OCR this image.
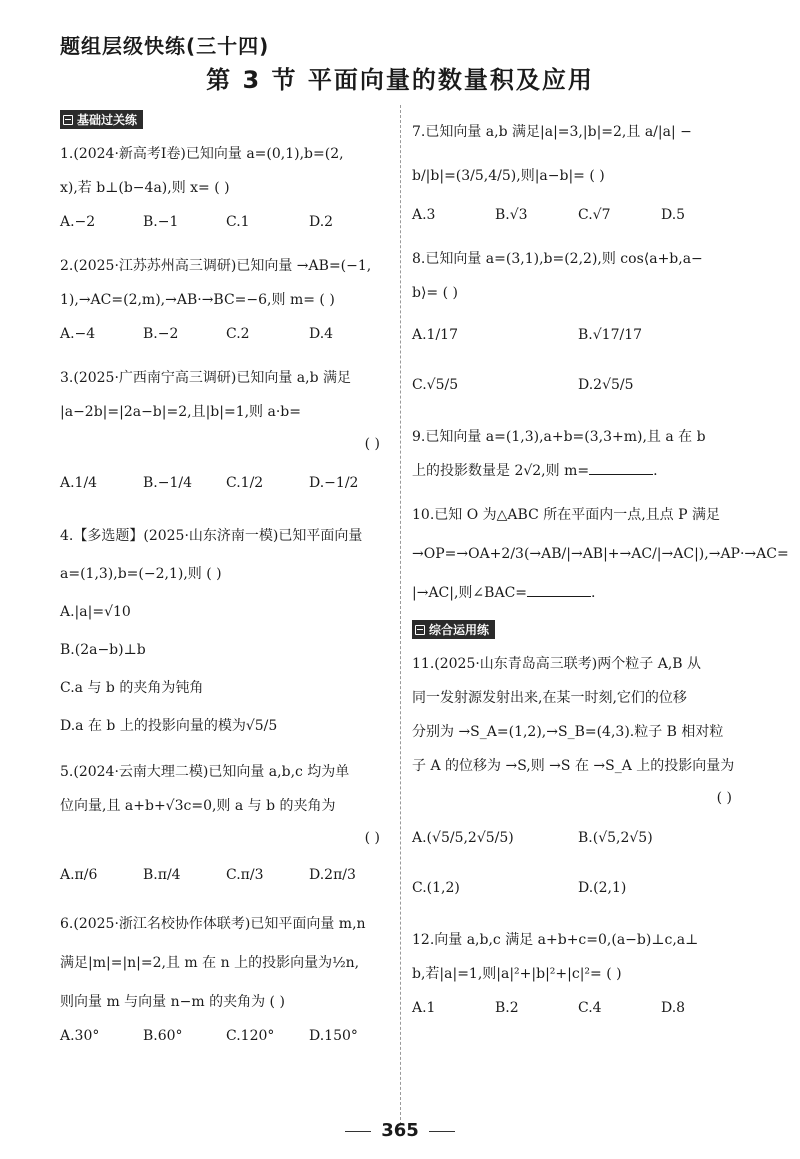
题组层级快练(三十四)
第 3 节 平面向量的数量积及应用
基础过关练
1.(2024·新高考Ⅰ卷)已知向量 a=(0,1),b=(2,
x),若 b⊥(b−4a),则 x= ( )
A.−2	B.−1	C.1	D.2
2.(2025·江苏苏州高三调研)已知向量 →AB=(−1,
1),→AC=(2,m),→AB·→BC=−6,则 m= ( )
A.−4	B.−2	C.2	D.4
3.(2025·广西南宁高三调研)已知向量 a,b 满足
|a−2b|=|2a−b|=2,且|b|=1,则 a·b=
( )
A.1/4	B.−1/4	C.1/2	D.−1/2
4.【多选题】(2025·山东济南一模)已知平面向量
a=(1,3),b=(−2,1),则 ( )
A.|a|=√10
B.(2a−b)⊥b
C.a 与 b 的夹角为钝角
D.a 在 b 上的投影向量的模为√5/5
5.(2024·云南大理二模)已知向量 a,b,c 均为单
位向量,且 a+b+√3c=0,则 a 与 b 的夹角为
( )
A.π/6	B.π/4	C.π/3	D.2π/3
6.(2025·浙江名校协作体联考)已知平面向量 m,n
满足|m|=|n|=2,且 m 在 n 上的投影向量为½n,
则向量 m 与向量 n−m 的夹角为 ( )
A.30°	B.60°	C.120°	D.150°
7.已知向量 a,b 满足|a|=3,|b|=2,且 a/|a| −
b/|b|=(3/5,4/5),则|a−b|= ( )
A.3	B.√3	C.√7	D.5
8.已知向量 a=(3,1),b=(2,2),则 cos⟨a+b,a−
b⟩= ( )
A.1/17	B.√17/17
C.√5/5	D.2√5/5
9.已知向量 a=(1,3),a+b=(3,3+m),且 a 在 b
上的投影数量是 2√2,则 m=	.
10.已知 O 为△ABC 所在平面内一点,且点 P 满足
→OP=→OA+2/3(→AB/|→AB|+→AC/|→AC|),→AP·→AC=
|→AC|,则∠BAC=	.
综合运用练
11.(2025·山东青岛高三联考)两个粒子 A,B 从
同一发射源发射出来,在某一时刻,它们的位移
分别为 →S_A=(1,2),→S_B=(4,3).粒子 B 相对粒
子 A 的位移为 →S,则 →S 在 →S_A 上的投影向量为
( )
A.(√5/5,2√5/5)	B.(√5,2√5)
C.(1,2)	D.(2,1)
12.向量 a,b,c 满足 a+b+c=0,(a−b)⊥c,a⊥
b,若|a|=1,则|a|²+|b|²+|c|²= ( )
A.1	B.2	C.4	D.8
365
